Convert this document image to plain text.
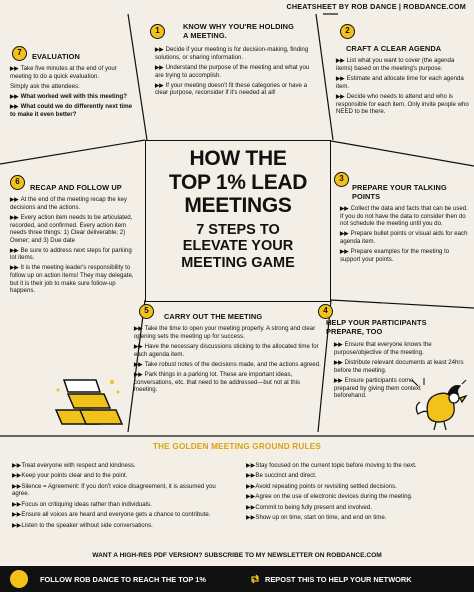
CHEATSHEET BY ROB DANCE | ROBDANCE.COM
1	KNOW WHY YOU'RE HOLDING
A MEETING.

▶▶ Decide if your meeting is for decision-making, finding solutions, or sharing information.

▶▶ Understand the purpose of the meeting and what you are trying to accomplish.

▶▶ If your meeting doesn't fit these categories or have a clear purpose, reconsider if it's needed at all!

2
CRAFT A CLEAR AGENDA

▶▶ List what you want to cover (the agenda items) based on the meeting's purpose.

▶▶ Estimate and allocate time for each agenda item.

▶▶ Decide who needs to attend and who is responsible for each item. Only invite people who NEED to be there.

7	EVALUATION

▶▶ Take five minutes at the end of your meeting to do a quick evaluation.

Simply ask the attendees:

▶▶ What worked well with this meeting?

▶▶ What could we do differently next time to make it even better?

HOW THE
TOP 1% LEAD
MEETINGS
7 STEPS TO
ELEVATE YOUR
MEETING GAME
6
RECAP AND FOLLOW UP

▶▶ At the end of the meeting recap the key decisions and the actions.

▶▶ Every action item needs to be articulated, recorded, and confirmed. Every action item needs three things: 1) Clear deliverable; 2) Owner; and 3) Due date

▶▶ Be sure to address next steps for parking lot items.

▶▶ It is the meeting leader's responsibility to follow up on action items! They may delegate, but it is their job to make sure follow-up happens.

3
PREPARE YOUR TALKING
POINTS

▶▶ Collect the data and facts that can be used. If you do not have the data to consider then do not schedule the meeting until you do.

▶▶ Prepare bullet points or visual aids for each agenda item.

▶▶ Prepare examples for the meeting to support your points.

5
CARRY OUT THE MEETING

▶▶ Take the time to open your meeting properly. A strong and clear opening sets the meeting up for success.

▶▶ Have the necessary discussions sticking to the allocated time for each agenda item.

▶▶ Take robust notes of the decisions made, and the actions agreed.

▶▶ Park things in a parking lot. These are important ideas, conversations, etc. that need to be addressed—but not at this meeting.

4
HELP YOUR PARTICIPANTS
PREPARE, TOO

▶▶ Ensure that everyone knows the purpose/objective of the meeting.

▶▶ Distribute relevant documents at least 24hrs before the meeting.

▶▶ Ensure participants come prepared by giving them context beforehand.

THE GOLDEN MEETING GROUND RULES

▶▶Treat everyone with respect and kindness.

▶▶Keep your points clear and to the point.

▶▶Silence = Agreement: If you don't voice disagreement, it is assumed you agree.

▶▶Focus on critiquing ideas rather than individuals.

▶▶Ensure all voices are heard and everyone gets a chance to contribute.

▶▶Listen to the speaker without side conversations.

▶▶Stay focused on the current topic before moving to the next.

▶▶Be succinct and direct.

▶▶Avoid repeating points or revisiting settled decisions.

▶▶Agree on the use of electronic devices during the meeting.

▶▶Commit to being fully present and involved.

▶▶Show up on time, start on time, and end on time.

WANT A HIGH-RES PDF VERSION? SUBSCRIBE TO MY NEWSLETTER ON ROBDANCE.COM
FOLLOW ROB DANCE TO REACH THE TOP 1%	REPOST THIS TO HELP YOUR NETWORK
